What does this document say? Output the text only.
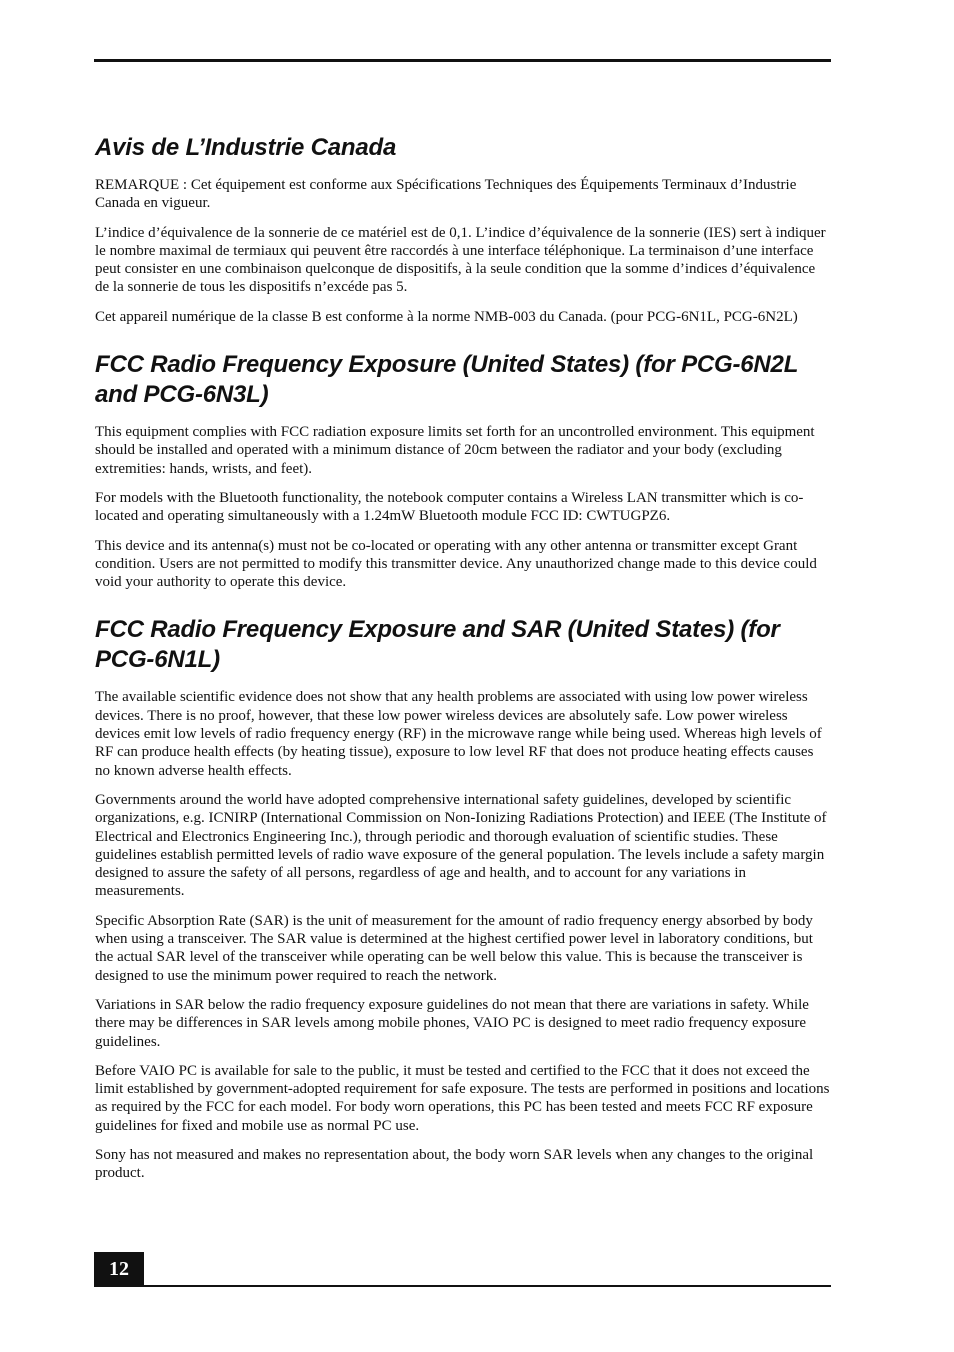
Avis de L’Industrie Canada

REMARQUE : Cet équipement est conforme aux Spécifications Techniques des Équipements Terminaux d’Industrie Canada en vigueur.

L’indice d’équivalence de la sonnerie de ce matériel est de 0,1. L’indice d’équivalence de la sonnerie (IES) sert à indiquer le nombre maximal de termiaux qui peuvent être raccordés à une interface téléphonique. La terminaison d’une interface peut consister en une combinaison quelconque de dispositifs, à la seule condition que la somme d’indices d’équivalence de la sonnerie de tous les dispositifs n’excéde pas 5.

Cet appareil numérique de la classe B est conforme à la norme NMB-003 du Canada. (pour PCG-6N1L, PCG-6N2L)

FCC Radio Frequency Exposure (United States) (for PCG-6N2L and PCG-6N3L)

This equipment complies with FCC radiation exposure limits set forth for an uncontrolled environment. This equipment should be installed and operated with a minimum distance of 20cm between the radiator and your body (excluding extremities: hands, wrists, and feet).

For models with the Bluetooth functionality, the notebook computer contains a Wireless LAN transmitter which is co-located and operating simultaneously with a 1.24mW Bluetooth module FCC ID: CWTUGPZ6.

This device and its antenna(s) must not be co-located or operating with any other antenna or transmitter except Grant condition. Users are not permitted to modify this transmitter device. Any unauthorized change made to this device could void your authority to operate this device.

FCC Radio Frequency Exposure and SAR (United States) (for PCG-6N1L)

The available scientific evidence does not show that any health problems are associated with using low power wireless devices. There is no proof, however, that these low power wireless devices are absolutely safe. Low power wireless devices emit low levels of radio frequency energy (RF) in the microwave range while being used. Whereas high levels of RF can produce health effects (by heating tissue), exposure to low level RF that does not produce heating effects causes no known adverse health effects.

Governments around the world have adopted comprehensive international safety guidelines, developed by scientific organizations, e.g. ICNIRP (International Commission on Non-Ionizing Radiations Protection) and IEEE (The Institute of Electrical and Electronics Engineering Inc.), through periodic and thorough evaluation of scientific studies. These guidelines establish permitted levels of radio wave exposure of the general population. The levels include a safety margin designed to assure the safety of all persons, regardless of age and health, and to account for any variations in measurements.

Specific Absorption Rate (SAR) is the unit of measurement for the amount of radio frequency energy absorbed by body when using a transceiver. The SAR value is determined at the highest certified power level in laboratory conditions, but the actual SAR level of the transceiver while operating can be well below this value. This is because the transceiver is designed to use the minimum power required to reach the network.

Variations in SAR below the radio frequency exposure guidelines do not mean that there are variations in safety. While there may be differences in SAR levels among mobile phones, VAIO PC is designed to meet radio frequency exposure guidelines.

Before VAIO PC is available for sale to the public, it must be tested and certified to the FCC that it does not exceed the limit established by government-adopted requirement for safe exposure. The tests are performed in positions and locations as required by the FCC for each model. For body worn operations, this PC has been tested and meets FCC RF exposure guidelines for fixed and mobile use as normal PC use.

Sony has not measured and makes no representation about, the body worn SAR levels when any changes to the original product.

12
